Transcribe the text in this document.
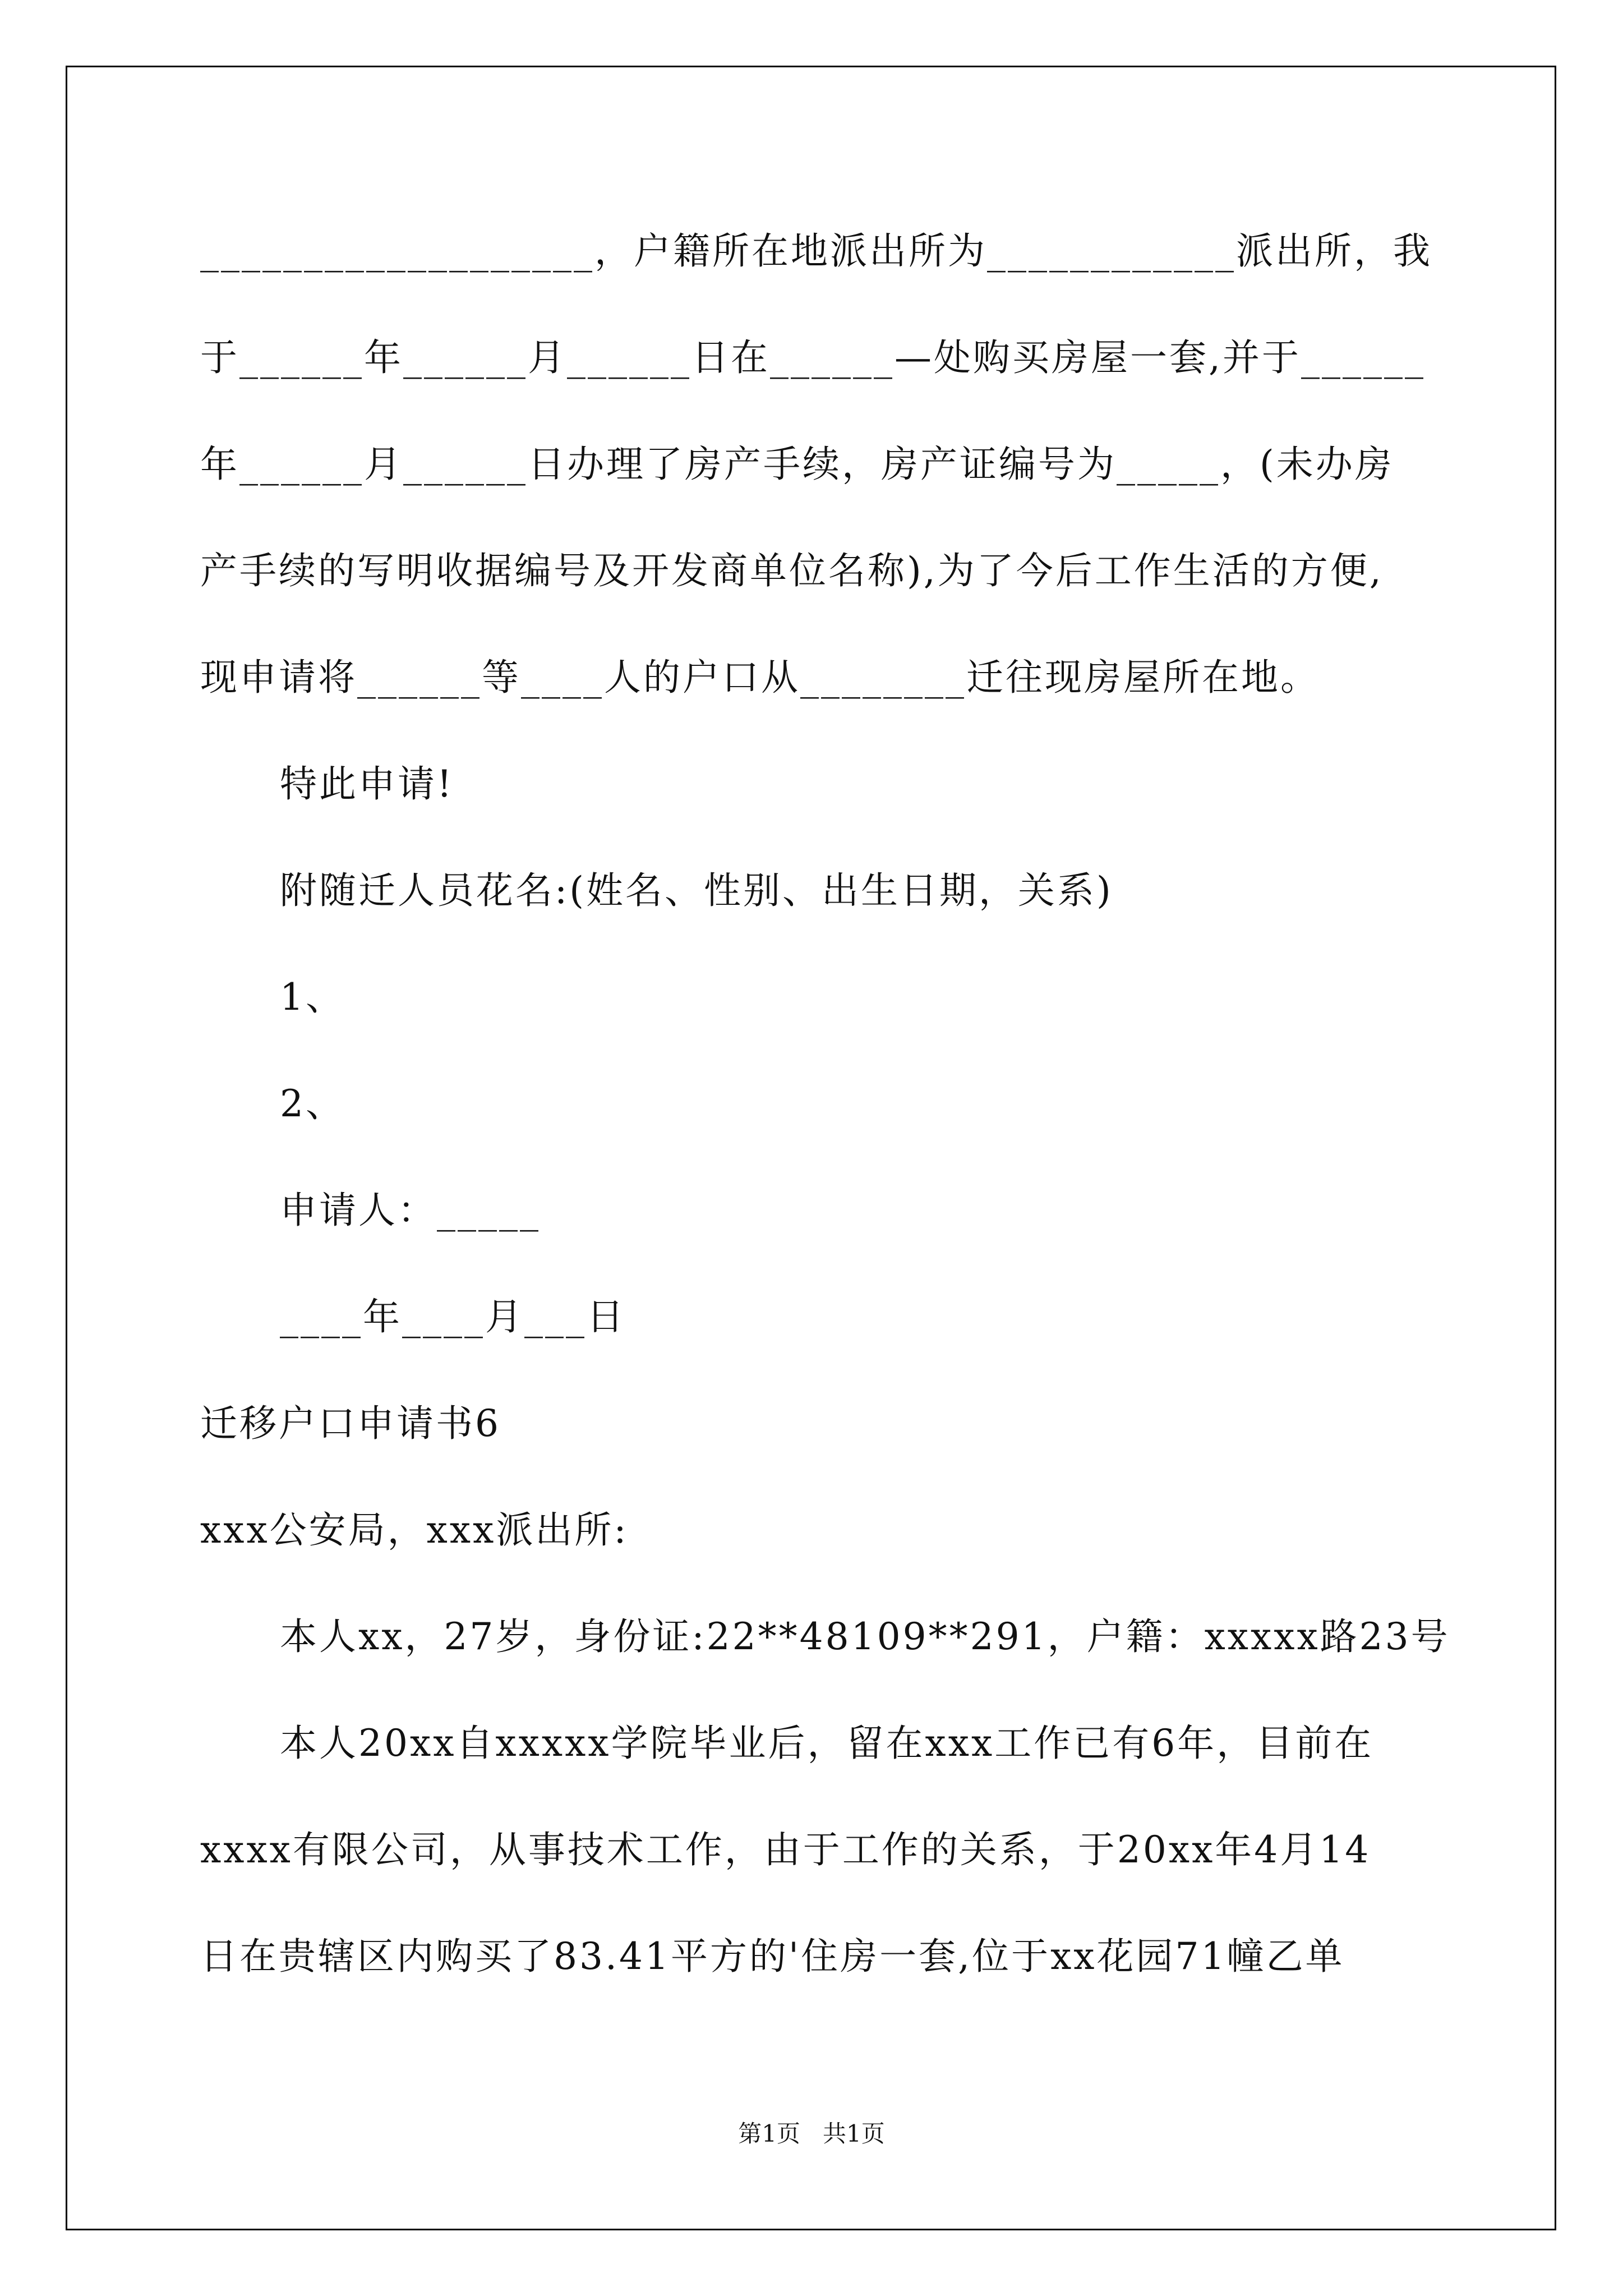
___________________，户籍所在地派出所为____________派出所，我
于______年______月______日在______—处购买房屋一套,并于______
年______月______日办理了房产手续，房产证编号为_____，(未办房
产手续的写明收据编号及开发商单位名称),为了今后工作生活的方便,
现申请将______等____人的户口从________迁往现房屋所在地。
特此申请!
附随迁人员花名:(姓名、性别、出生日期，关系)
1、
2、
申请人：_____
____年____月___日
迁移户口申请书6
xxx公安局，xxx派出所:
本人xx，27岁，身份证:22**48109**291，户籍：xxxxx路23号
本人20xx自xxxxx学院毕业后，留在xxx工作已有6年，目前在
xxxx有限公司，从事技术工作，由于工作的关系，于20xx年4月14
日在贵辖区内购买了83.41平方的'住房一套,位于xx花园71幢乙单
第1页   共1页
